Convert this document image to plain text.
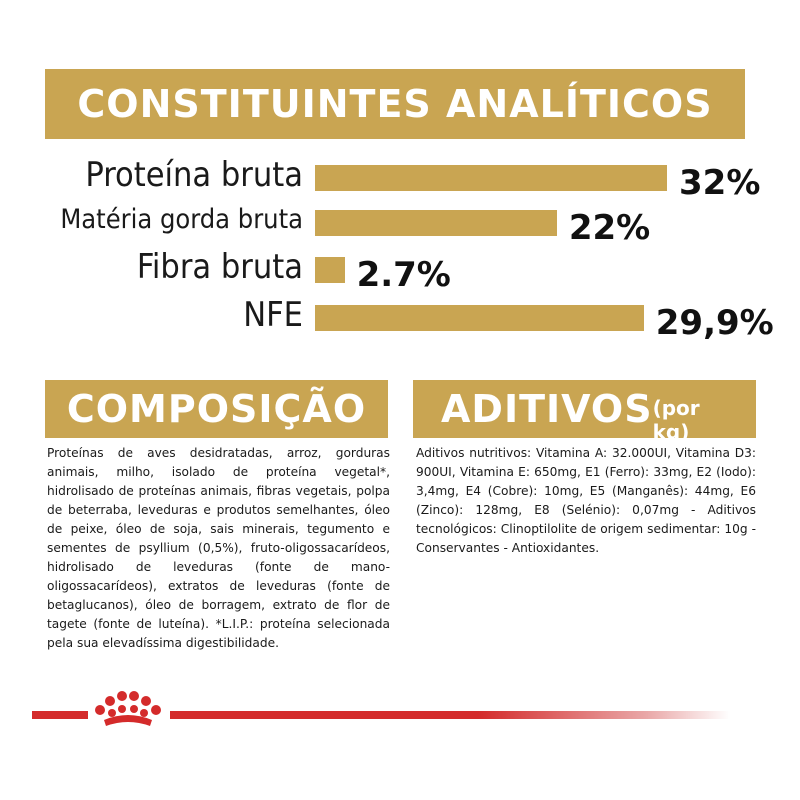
CONSTITUINTES ANALÍTICOS
Proteína bruta	32%
Matéria gorda bruta	22%
Fibra bruta 2.7%
NFE	29,9%
COMPOSIÇÃO
Proteínas de aves desidratadas, arroz, gorduras animais, milho, isolado de proteína vegetal*, hidrolisado de proteínas animais, fibras vegetais, polpa de beterraba, leveduras e produtos semelhantes, óleo de peixe, óleo de soja, sais minerais, tegumento e sementes de psyllium (0,5%), fruto-oligossacarídeos, hidrolisado de leveduras (fonte de mano-oligossacarídeos), extratos de leveduras (fonte de betaglucanos), óleo de borragem, extrato de flor de tagete (fonte de luteína). *L.I.P.: proteína selecionada pela sua elevadíssima digestibilidade.
ADITIVOS (por kg)
Aditivos nutritivos: Vitamina A: 32.000UI, Vitamina D3: 900UI, Vitamina E: 650mg, E1 (Ferro): 33mg, E2 (Iodo): 3,4mg, E4 (Cobre): 10mg, E5 (Manganês): 44mg, E6 (Zinco): 128mg, E8 (Selénio): 0,07mg - Aditivos tecnológicos: Clinoptilolite de origem sedimentar: 10g - Conservantes - Antioxidantes.
